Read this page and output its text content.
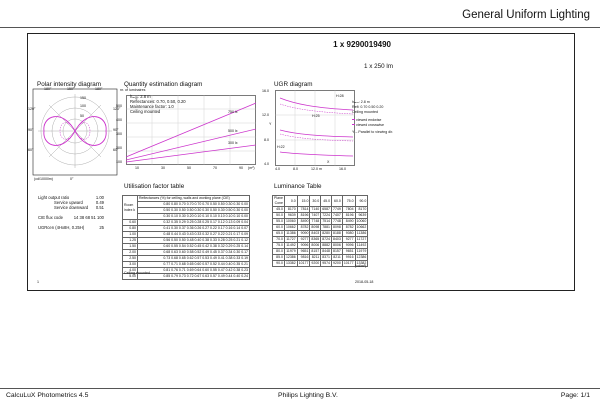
General Uniform Lighting
1 x 9290019490
1 x 250 lm
Polar intensity diagram
180°	150°	180°
120°	120°
90°	90°
60°	60°
150
100
50
(cd/1000lm)	0°
Quantity estimation diagram
nr. of luminaires
hₘₐₓ: 2.8 m
Reflectances: 0.70, 0.50, 0.20
Maintenance factor: 1.0
Ceiling mounted	750 lx
500 lx
300 lx
500
400
300
200
100
10	30	50	70	90 (m²)
UGR diagram
16.0
12.0
8.0
4.0
4.0	8.0	12.0 m	16.0
Y
X
H:28
H:25
H:22
hₘₐₓ: 2.8 m
Refl: 0.70 0.50 0.20
Ceiling mounted
viewed endwise
viewed crosswise
Y – Parallel to viewing dir.
Light output ratio	1.00
Service upward	0.49
Service downward 0.51
CIE flux code	14 38 68 51 100
UGRcen (4Hx8H, 0.25H)	25
Utilisation factor table
Room index k	Reflectances (%) for ceiling, walls and working plane (CIE)
	0.80 0.80 0.70 0.70 0.70 0.70 0.50 0.50 0.30 0.30 0.00
	0.50 0.30 0.50 0.50 0.30 0.30 0.50 0.30 0.50 0.30 0.00
	0.30 0.10 0.30 0.20 0.10 0.10 0.10 0.10 0.10 0.10 0.00
0.60	0.32 0.35 0.29 0.25 0.28 0.25 0.17 0.12 0.13 0.09 0.04
0.80	0.41 0.30 0.37 0.36 0.26 0.27 0.22 0.17 0.16 0.14 0.07
1.00	0.48 0.44 0.43 0.43 0.33 0.32 0.27 0.22 0.21 0.17 0.09
1.25	0.56 0.50 0.50 0.48 0.40 0.38 0.33 0.28 0.25 0.21 0.12
1.50	0.60 0.55 0.54 0.52 0.45 0.42 0.38 0.32 0.29 0.25 0.14
2.00	0.68 0.63 0.60 0.58 0.52 0.49 0.45 0.37 0.34 0.30 0.17
2.50	0.73 0.68 0.65 0.62 0.57 0.53 0.49 0.41 0.38 0.33 0.19
3.00	0.77 0.71 0.68 0.65 0.60 0.57 0.52 0.44 0.40 0.35 0.21
4.00	0.81 0.76 0.71 0.69 0.64 0.60 0.55 0.47 0.42 0.38 0.23
5.00	0.85 0.79 0.73 0.72 0.67 0.63 0.57 0.49 0.44 0.40 0.24
Ceiling mounted
Luminance Table
Plane Cone	0.0	15.0	30.0	45.0	60.0	75.0	90.0
45.0	8170	7814	7140	6587	7749	7804	8170
50.0	9639	8196	7407	7224	7407	8196	9639
55.0	10060	8490	7748	7514	7748	8490	10060
60.0	10662	8782	8098	7881	8098	8782	10662
65.0	11386	9090	8403	8280	8188	9080	11386
70.0	11727	9277	8365	8724	8403	9277	11727
75.0	11492	9096	8006	8882	8006	9096	11492
80.0	11979	9651	8157	8448	8157	9651	11979
85.0	12386	9816	8211	8371	8211	9916	12386
90.0	13382	10177	9200	9574	9200	10177	13382
(cd/m²)
1	2018-05-18
CalcuLuX Photometrics 4.5	Philips Lighting B.V.	Page: 1/1
